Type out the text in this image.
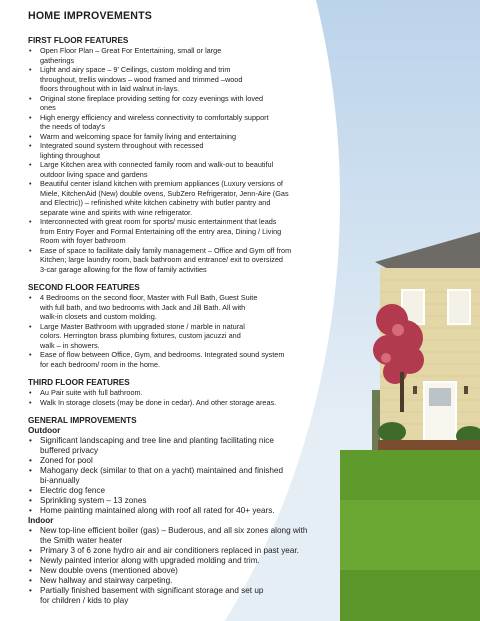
HOME IMPROVEMENTS
FIRST FLOOR FEATURES
• Open Floor Plan – Great For Entertaining, small or large
gatherings
• Light and airy space – 9' Ceilings, custom molding and trim
throughout, trellis windows – wood framed and trimmed –wood
floors throughout with in laid walnut in-lays.
• Original stone fireplace providing setting for cozy evenings with loved
ones
• High energy efficiency and wireless connectivity to comfortably support
the needs of today's
• Warm and welcoming space for family living and entertaining
• Integrated sound system throughout with recessed
lighting throughout
• Large Kitchen area with connected family room and walk-out to beautiful
outdoor living space and gardens
• Beautiful center island kitchen with premium appliances (Luxury versions of
Miele, KitchenAid (New) double ovens, SubZero Refrigerator, Jenn-Aire (Gas
and Electric)) – refinished white kitchen cabinetry with butler pantry and
separate wine and spirits with wine refrigerator.
• Interconnected with great room for sports/ music entertainment that leads
from Entry Foyer and Formal Entertaining off the entry area, Dining / Living
Room with foyer bathroom
• Ease of space to facilitate daily family management – Office and Gym off from
Kitchen; large laundry room, back bathroom and entrance/ exit to oversized
3-car garage allowing for the flow of family activities
SECOND FLOOR FEATURES
• 4 Bedrooms on the second floor, Master with Full Bath, Guest Suite
with full bath, and two bedrooms with Jack and Jill Bath. All with
walk-in closets and custom molding.
• Large Master Bathroom with upgraded stone / marble in natural
colors. Herrington brass plumbing fixtures, custom jacuzzi and
walk – in showers.
• Ease of flow between Office, Gym, and bedrooms. Integrated sound system
for each bedroom/ room in the home.
THIRD FLOOR FEATURES
• Au Pair suite with full bathroom.
• Walk In storage closets (may be done in cedar). And other storage areas.
GENERAL IMPROVEMENTS
Outdoor
• Significant landscaping and tree line and planting facilitating nice
buffered privacy
• Zoned for pool
• Mahogany deck (similar to that on a yacht) maintained and finished
bi-annually
• Electric dog fence
• Sprinkling system – 13 zones
• Home painting maintained along with roof all rated for 40+ years.
Indoor
• New top-line efficient boiler (gas) – Buderous, and all six zones along with
the Smith water heater
• Primary 3 of 6 zone hydro air and air conditioners replaced in past year.
• Newly painted interior along with upgraded molding and trim.
• New double ovens (mentioned above)
• New hallway and stairway carpeting.
• Partially finished basement with significant storage and set up
for children / kids to play
